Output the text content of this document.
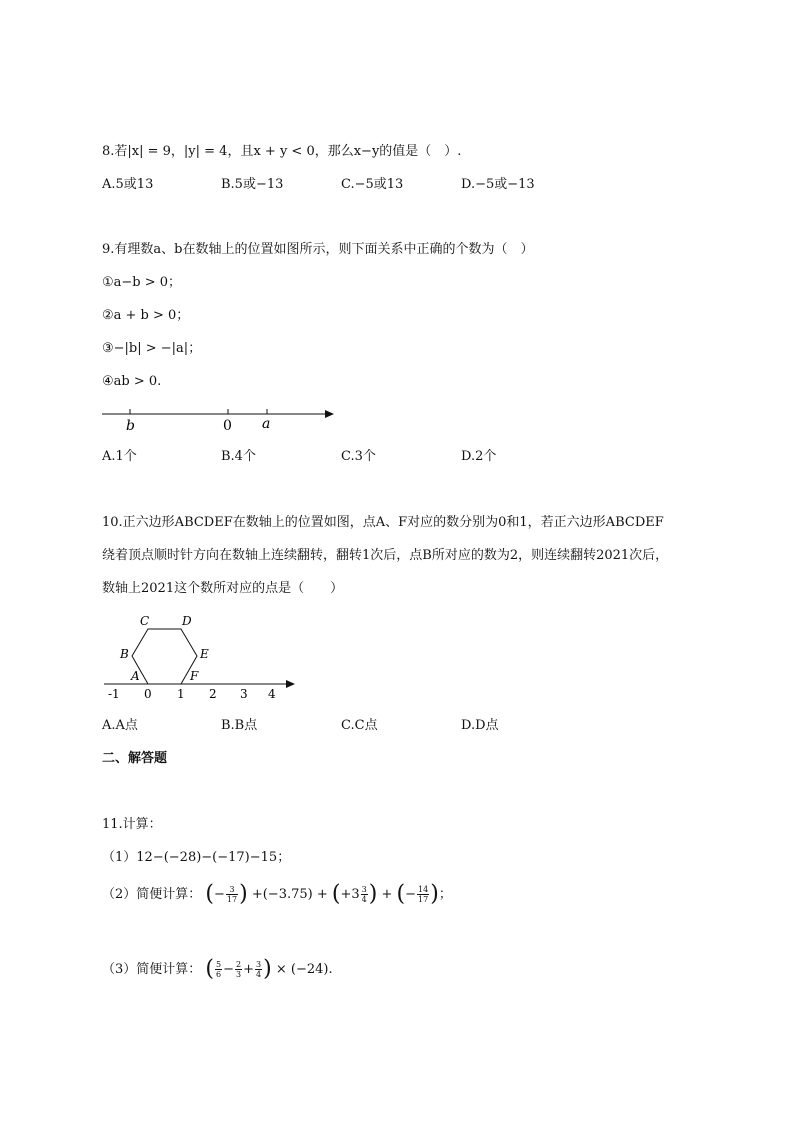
8.若|x| = 9，|y| = 4，且x + y < 0，那么x−y的值是（　）.
A.5或13	B.5或−13	C.−5或13	D.−5或−13
9.有理数a、b在数轴上的位置如图所示，则下面关系中正确的个数为（　）
①a−b > 0；
②a + b > 0；
③−|b| > −|a|；
④ab > 0.
b	0 a
A.1个	B.4个	C.3个	D.2个
10.正六边形ABCDEF在数轴上的位置如图，点A、F对应的数分别为0和1，若正六边形ABCDEF
绕着顶点顺时针方向在数轴上连续翻转，翻转1次后，点B所对应的数为2，则连续翻转2021次后，
数轴上2021这个数所对应的点是（　　）
C	D
B	E
A	F
-1 0 1 2 3 4
A.A点	B.B点	C.C点	D.D点
二、解答题
11.计算：
（1）12−(−28)−(−17)−15；
（2）简便计算： (− $\frac{3}{17}$ ) $+(-3.75) + (+3 \frac{3}{4}$ ) + (− $\frac{14}{17}$ )；
（3）简便计算： ( $\frac{5}{6} - \frac{2}{3} + \frac{3}{4}$ ) × (−24).
